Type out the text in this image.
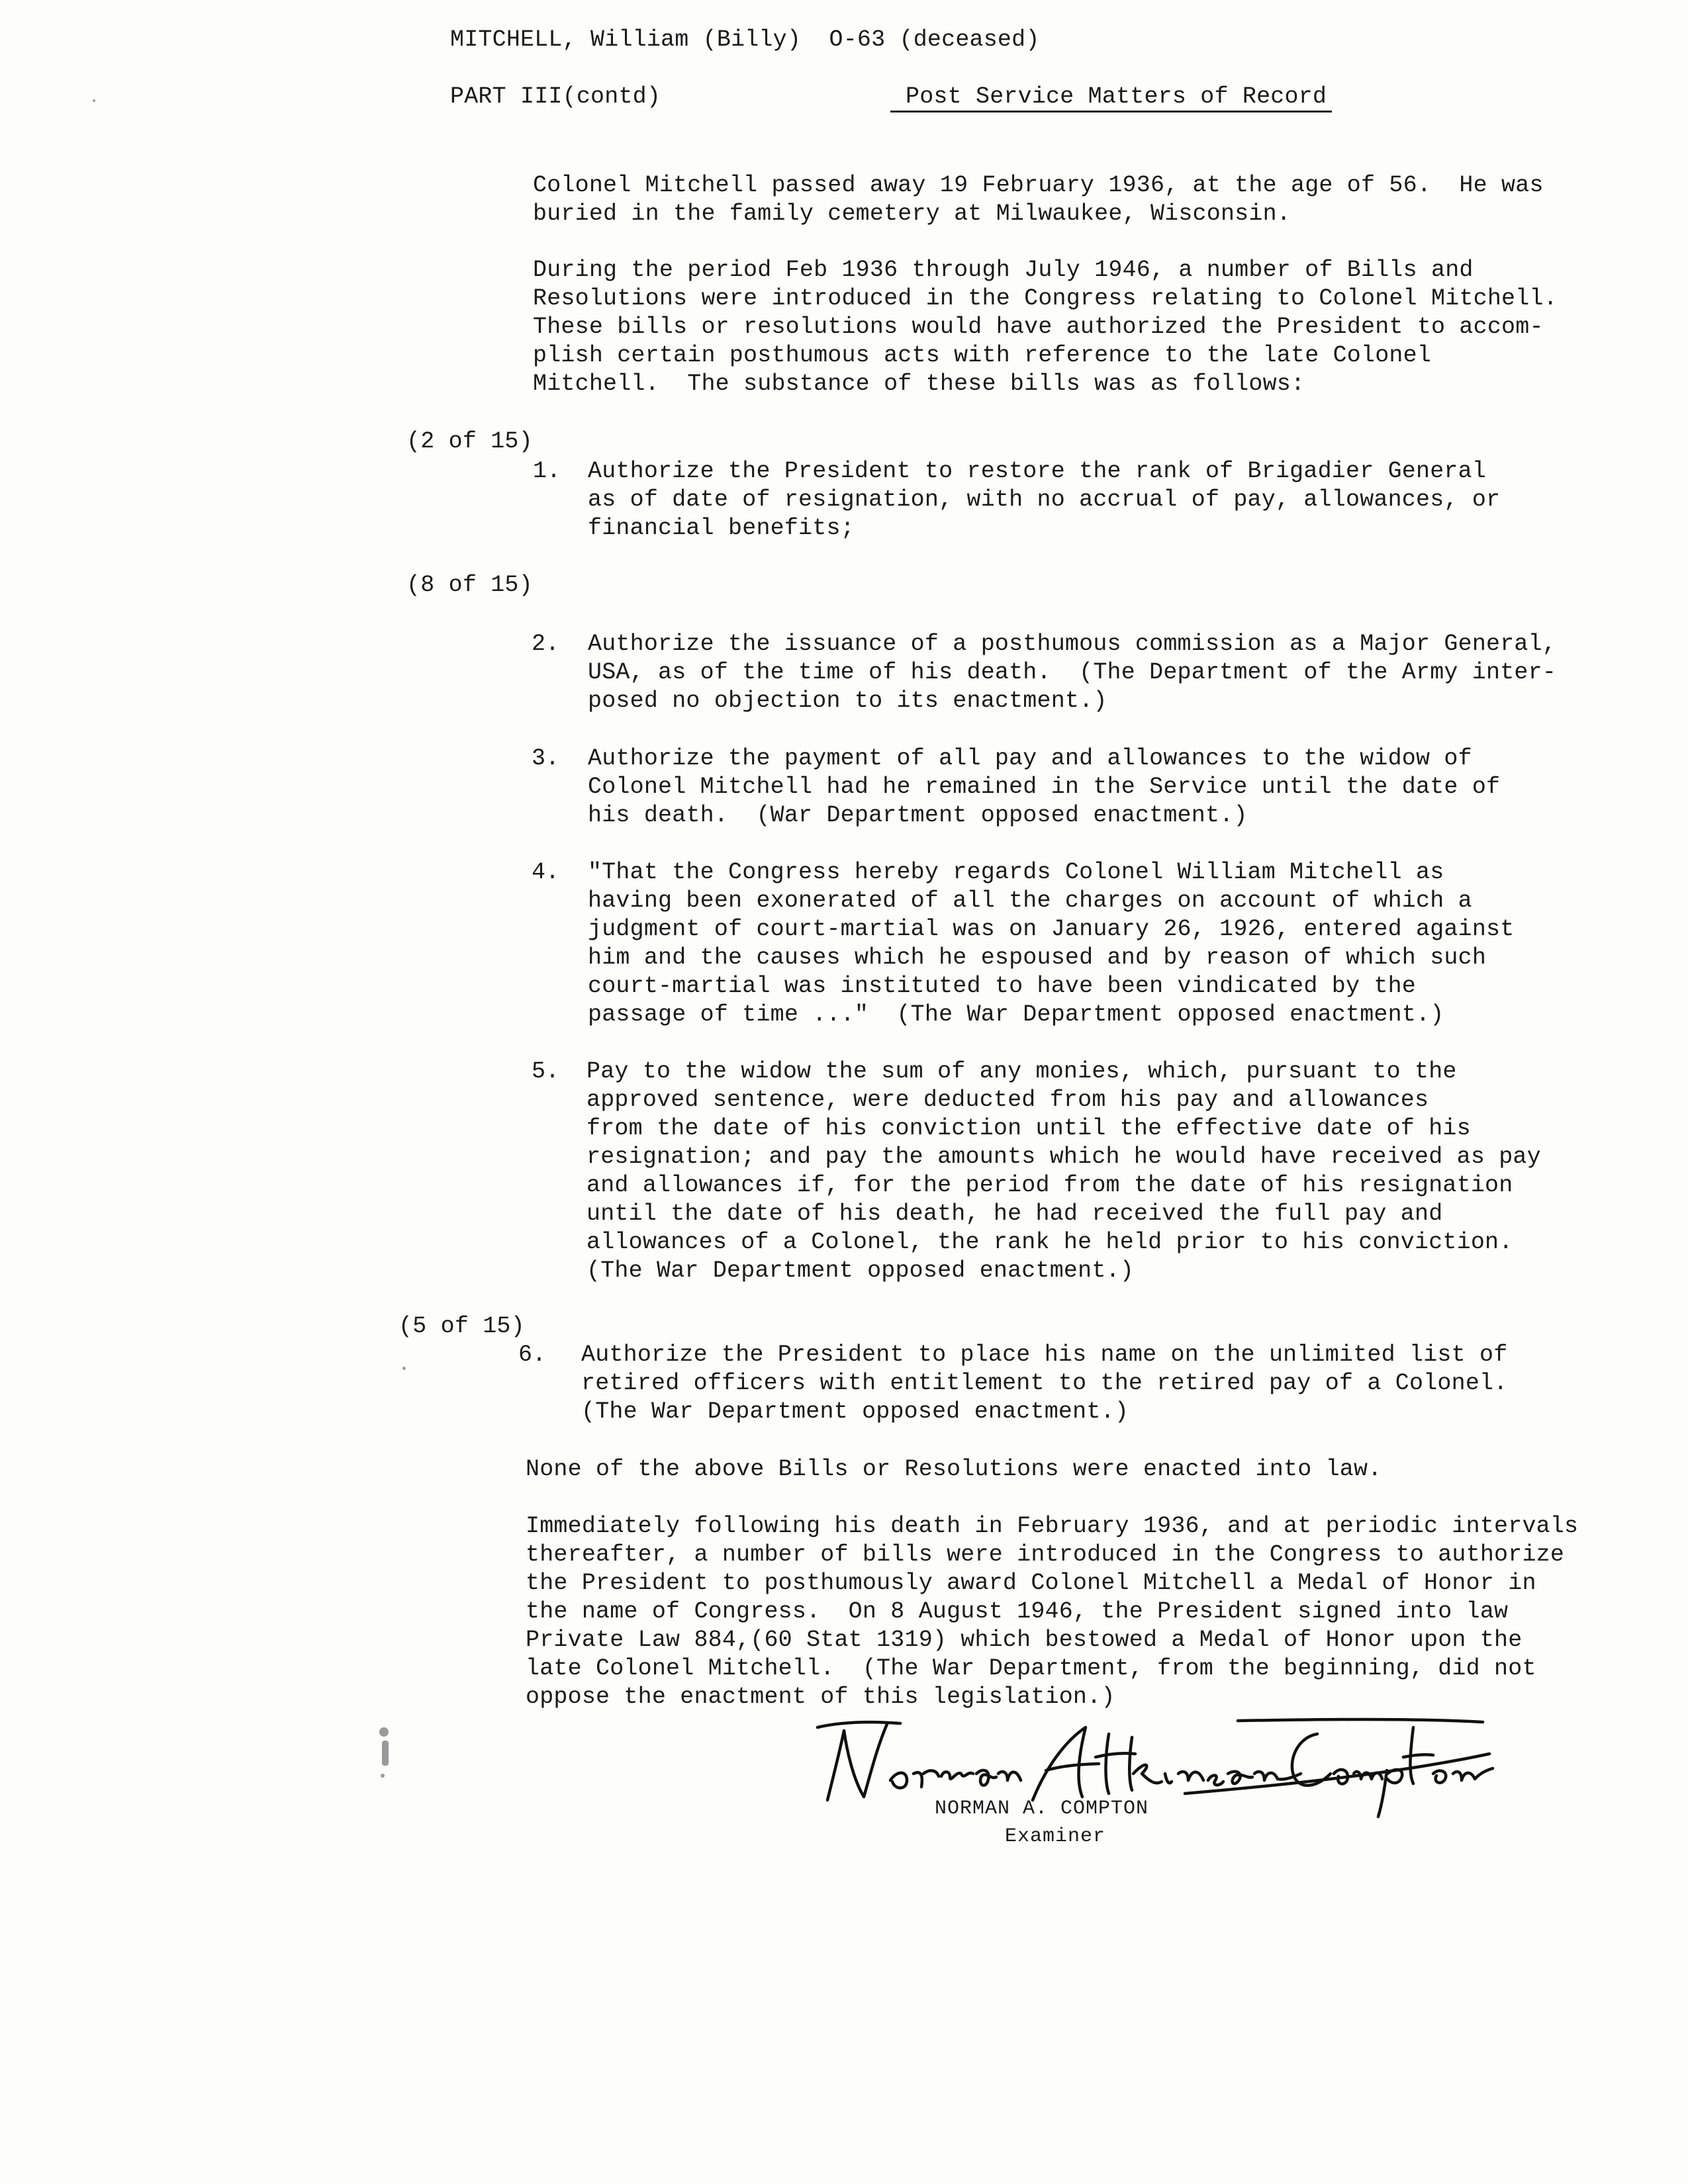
MITCHELL, William (Billy)  O-63 (deceased)
PART III(contd)	Post Service Matters of Record
Colonel Mitchell passed away 19 February 1936, at the age of 56.  He was
buried in the family cemetery at Milwaukee, Wisconsin.
During the period Feb 1936 through July 1946, a number of Bills and
Resolutions were introduced in the Congress relating to Colonel Mitchell.
These bills or resolutions would have authorized the President to accom-
plish certain posthumous acts with reference to the late Colonel
Mitchell.  The substance of these bills was as follows:
(2 of 15)
1. Authorize the President to restore the rank of Brigadier General
as of date of resignation, with no accrual of pay, allowances, or
financial benefits;
(8 of 15)
2. Authorize the issuance of a posthumous commission as a Major General,
USA, as of the time of his death.  (The Department of the Army inter-
posed no objection to its enactment.)
3. Authorize the payment of all pay and allowances to the widow of
Colonel Mitchell had he remained in the Service until the date of
his death.  (War Department opposed enactment.)
4. "That the Congress hereby regards Colonel William Mitchell as
having been exonerated of all the charges on account of which a
judgment of court-martial was on January 26, 1926, entered against
him and the causes which he espoused and by reason of which such
court-martial was instituted to have been vindicated by the
passage of time ..."  (The War Department opposed enactment.)
5. Pay to the widow the sum of any monies, which, pursuant to the
approved sentence, were deducted from his pay and allowances
from the date of his conviction until the effective date of his
resignation; and pay the amounts which he would have received as pay
and allowances if, for the period from the date of his resignation
until the date of his death, he had received the full pay and
allowances of a Colonel, the rank he held prior to his conviction.
(The War Department opposed enactment.)
(5 of 15)
6. Authorize the President to place his name on the unlimited list of
retired officers with entitlement to the retired pay of a Colonel.
(The War Department opposed enactment.)
None of the above Bills or Resolutions were enacted into law.
Immediately following his death in February 1936, and at periodic intervals
thereafter, a number of bills were introduced in the Congress to authorize
the President to posthumously award Colonel Mitchell a Medal of Honor in
the name of Congress.  On 8 August 1946, the President signed into law
Private Law 884,(60 Stat 1319) which bestowed a Medal of Honor upon the
late Colonel Mitchell.  (The War Department, from the beginning, did not
oppose the enactment of this legislation.)
NORMAN A. COMPTON
Examiner
